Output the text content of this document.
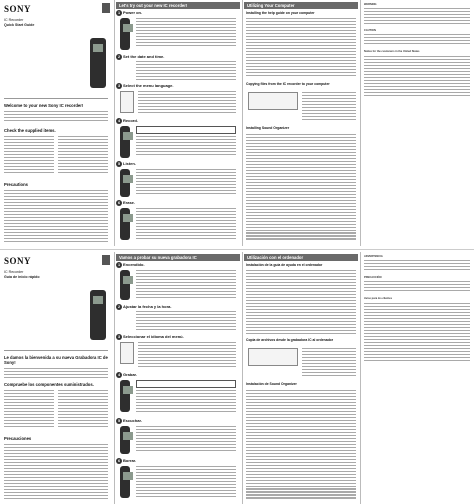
SONY
IC Recorder
Quick Start Guide
Welcome to your new Sony IC recorder!
Check the supplied items.
Precautions
Let's try out your new IC recorder!
1 Power on.
2 Set the date and time.
3 Select the menu language.
4 Record.
5 Listen.
6 Erase.
Utilizing Your Computer
Installing the help guide on your computer
Copying files from the IC recorder to your computer
Installing Sound Organizer
WARNING
CAUTION
Notice for the customers in the United States
SONY
IC Recorder
Guía de inicio rápido
Le damos la bienvenida a su nueva Grabadora IC de Sony!
Compruebe los componentes suministrados.
Precauciones
Vamos a probar su nueva grabadora IC
1 Encendido.
2 Ajustar la fecha y la hora.
3 Seleccionar el idioma del menú.
4 Grabar.
5 Escuchar.
6 Borrar.
Utilización con el ordenador
Instalación de la guía de ayuda en el ordenador
Copia de archivos desde la grabadora IC al ordenador
Instalación de Sound Organizer
ADVERTENCIA
PRECAUCIÓN
Aviso para los clientes
